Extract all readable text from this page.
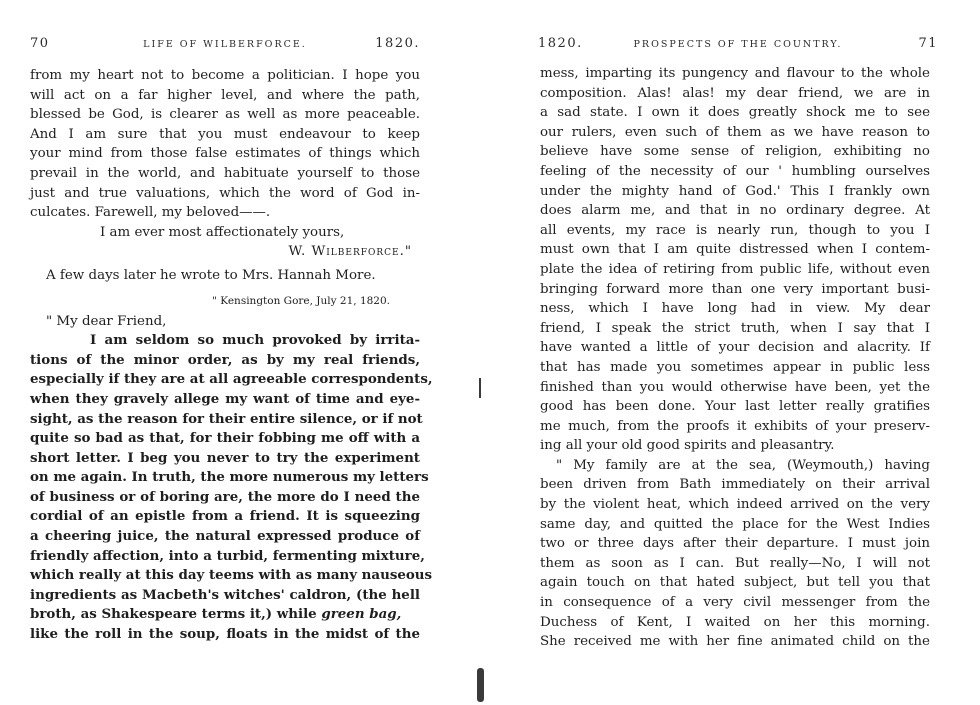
70	LIFE OF WILBERFORCE.	1820.
from my heart not to become a politician. I hope you
will act on a far higher level, and where the path,
blessed be God, is clearer as well as more peaceable.
And I am sure that you must endeavour to keep
your mind from those false estimates of things which
prevail in the world, and habituate yourself to those
just and true valuations, which the word of God in-
culcates. Farewell, my beloved——.
I am ever most affectionately yours,
W. Wilberforce."
A few days later he wrote to Mrs. Hannah More.
" Kensington Gore, July 21, 1820.
" My dear Friend,
I am seldom so much provoked by irrita-
tions of the minor order, as by my real friends,
especially if they are at all agreeable correspondents,
when they gravely allege my want of time and eye-
sight, as the reason for their entire silence, or if not
quite so bad as that, for their fobbing me off with a
short letter. I beg you never to try the experiment
on me again. In truth, the more numerous my letters
of business or of boring are, the more do I need the
cordial of an epistle from a friend. It is squeezing
a cheering juice, the natural expressed produce of
friendly affection, into a turbid, fermenting mixture,
which really at this day teems with as many nauseous
ingredients as Macbeth's witches' caldron, (the hell
broth, as Shakespeare terms it,) while green bag,
like the roll in the soup, floats in the midst of the
1820.	PROSPECTS OF THE COUNTRY.	71
mess, imparting its pungency and flavour to the whole
composition. Alas! alas! my dear friend, we are in
a sad state. I own it does greatly shock me to see
our rulers, even such of them as we have reason to
believe have some sense of religion, exhibiting no
feeling of the necessity of our ' humbling ourselves
under the mighty hand of God.' This I frankly own
does alarm me, and that in no ordinary degree. At
all events, my race is nearly run, though to you I
must own that I am quite distressed when I contem-
plate the idea of retiring from public life, without even
bringing forward more than one very important busi-
ness, which I have long had in view. My dear
friend, I speak the strict truth, when I say that I
have wanted a little of your decision and alacrity. If
that has made you sometimes appear in public less
finished than you would otherwise have been, yet the
good has been done. Your last letter really gratifies
me much, from the proofs it exhibits of your preserv-
ing all your old good spirits and pleasantry.
" My family are at the sea, (Weymouth,) having
been driven from Bath immediately on their arrival
by the violent heat, which indeed arrived on the very
same day, and quitted the place for the West Indies
two or three days after their departure. I must join
them as soon as I can. But really—No, I will not
again touch on that hated subject, but tell you that
in consequence of a very civil messenger from the
Duchess of Kent, I waited on her this morning.
She received me with her fine animated child on the
